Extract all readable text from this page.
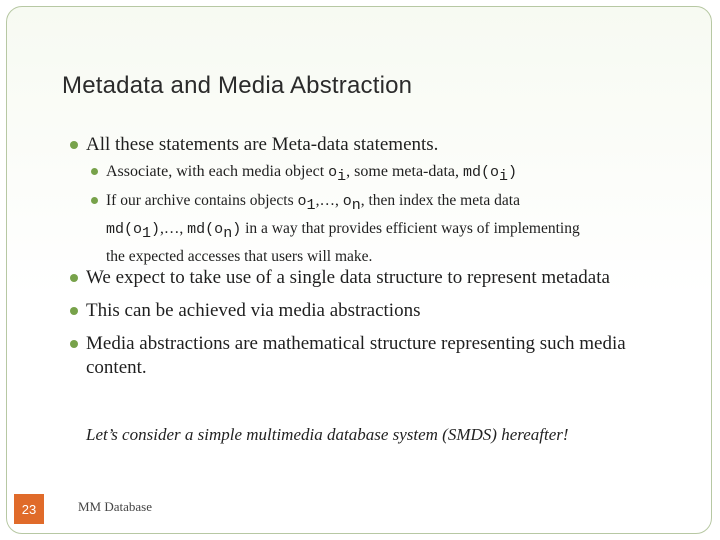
Metadata and Media Abstraction
All these statements are Meta-data statements.
Associate, with each media object $o_i$, some meta-data, $md(o_i)$
If our archive contains objects $o_1,\dots$, $o_n$, then index the meta data
$md(o_1),\dots$, $md(o_n)$ in a way that provides efficient ways of implementing
the expected accesses that users will make.
We expect to take use of a single data structure to represent metadata
This can be achieved via media abstractions
Media abstractions are mathematical structure representing such media
content.
Let’s consider a simple multimedia database system (SMDS) hereafter!
23	MM Database
